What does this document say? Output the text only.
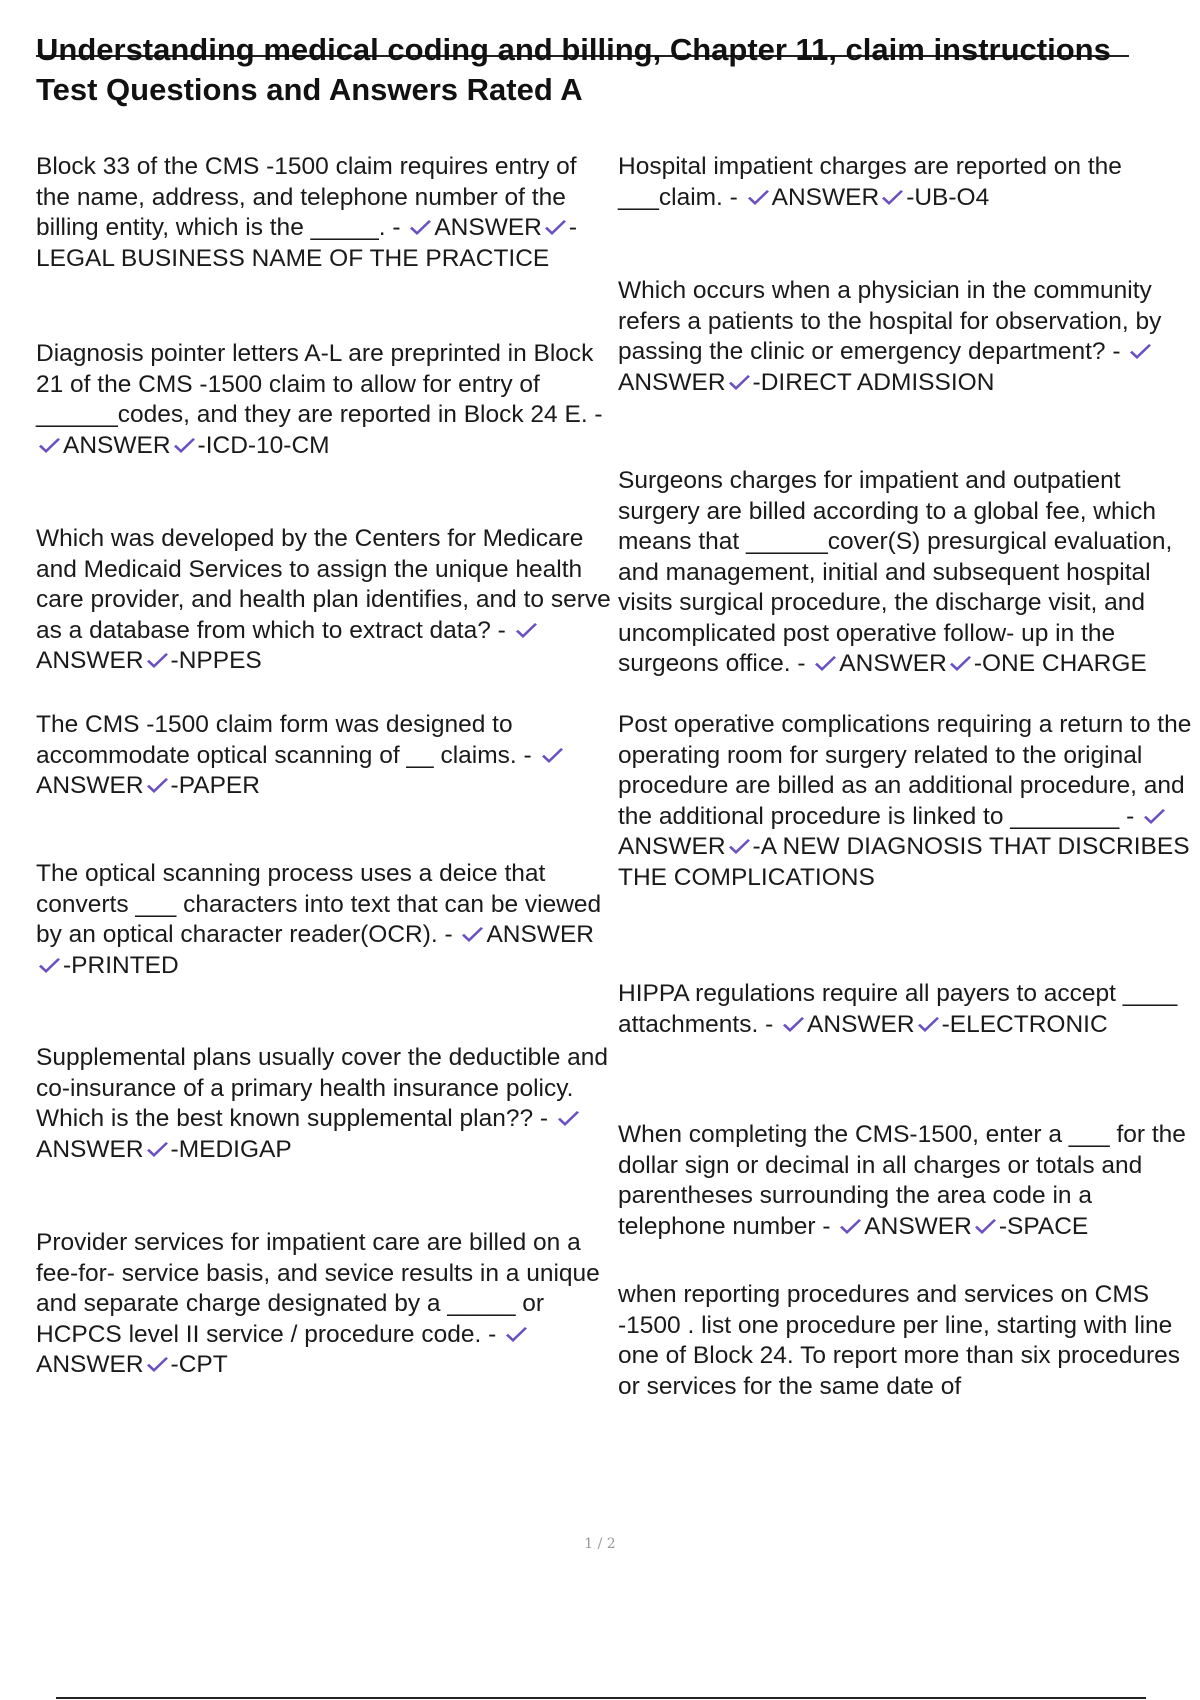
Understanding medical coding and billing, Chapter 11, claim instructions Test Questions and Answers Rated A
Block 33 of the CMS -1500 claim requires entry of the name, address, and telephone number of the billing entity, which is the _____. - ANSWER -LEGAL BUSINESS NAME OF THE PRACTICE
Diagnosis pointer letters A-L are preprinted in Block 21 of the CMS -1500 claim to allow for entry of ______codes, and they are reported in Block 24 E. -
ANSWER -ICD-10-CM
Which was developed by the Centers for Medicare and Medicaid Services to assign the unique health care provider, and health plan identifies, and to serve as a database from which to extract data? -
ANSWER -NPPES
The CMS -1500 claim form was designed to accommodate optical scanning of __ claims. -
ANSWER -PAPER
The optical scanning process uses a deice that converts ___ characters into text that can be viewed by an optical character reader(OCR). - ANSWER
-PRINTED
Supplemental plans usually cover the deductible and co-insurance of a primary health insurance policy. Which is the best known supplemental plan?? -
ANSWER -MEDIGAP
Provider services for impatient care are billed on a fee-for- service basis, and sevice results in a unique and separate charge designated by a _____ or HCPCS level II service / procedure code. -
ANSWER -CPT
Hospital impatient charges are reported on the ___claim. - ANSWER -UB-O4
Which occurs when a physician in the community refers a patients to the hospital for observation, by passing the clinic or emergency department? -
ANSWER -DIRECT ADMISSION
Surgeons charges for impatient and outpatient surgery are billed according to a global fee, which means that ______cover(S) presurgical evaluation, and management, initial and subsequent hospital visits surgical procedure, the discharge visit, and uncomplicated post operative follow- up in the surgeons office. - ANSWER -ONE CHARGE
Post operative complications requiring a return to the operating room for surgery related to the original procedure are billed as an additional procedure, and the additional procedure is linked to ________ -
ANSWER -A NEW DIAGNOSIS THAT DISCRIBES THE COMPLICATIONS
HIPPA regulations require all payers to accept ____ attachments. - ANSWER -ELECTRONIC
When completing the CMS-1500, enter a ___ for the dollar sign or decimal in all charges or totals and parentheses surrounding the area code in a telephone number - ANSWER -SPACE
when reporting procedures and services on CMS -1500 . list one procedure per line, starting with line one of Block 24. To report more than six procedures or services for the same date of
1 / 2
